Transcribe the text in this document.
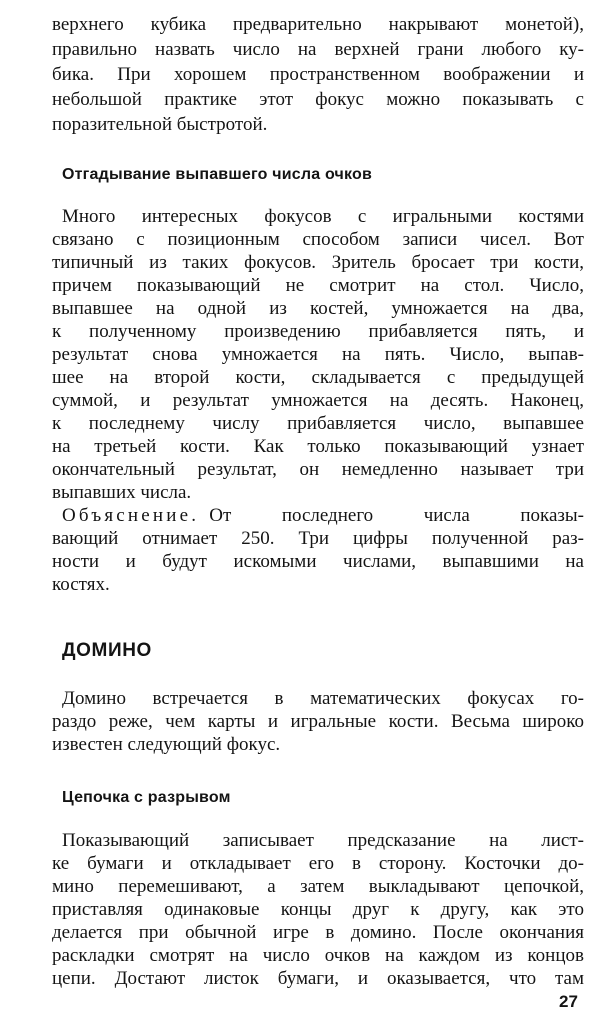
верхнего кубика предварительно накрывают монетой),
правильно назвать число на верхней грани любого ку-
бика. При хорошем пространственном воображении и
небольшой практике этот фокус можно показывать с
поразительной быстротой.
Отгадывание выпавшего числа очков
Много интересных фокусов с игральными костями
связано с позиционным способом записи чисел. Вот
типичный из таких фокусов. Зритель бросает три кости,
причем показывающий не смотрит на стол. Число,
выпавшее на одной из костей, умножается на два,
к полученному произведению прибавляется пять, и
результат снова умножается на пять. Число, выпав-
шее на второй кости, складывается с предыдущей
суммой, и результат умножается на десять. Наконец,
к последнему числу прибавляется число, выпавшее
на третьей кости. Как только показывающий узнает
окончательный результат, он немедленно называет три
выпавших числа.
Объяснение. От последнего числа показы-
вающий отнимает 250. Три цифры полученной раз-
ности и будут искомыми числами, выпавшими на
костях.
ДОМИНО
Домино встречается в математических фокусах го-
раздо реже, чем карты и игральные кости. Весьма широко
известен следующий фокус.
Цепочка с разрывом
Показывающий записывает предсказание на лист-
ке бумаги и откладывает его в сторону. Косточки до-
мино перемешивают, а затем выкладывают цепочкой,
приставляя одинаковые концы друг к другу, как это
делается при обычной игре в домино. После окончания
раскладки смотрят на число очков на каждом из концов
цепи. Достают листок бумаги, и оказывается, что там
27
